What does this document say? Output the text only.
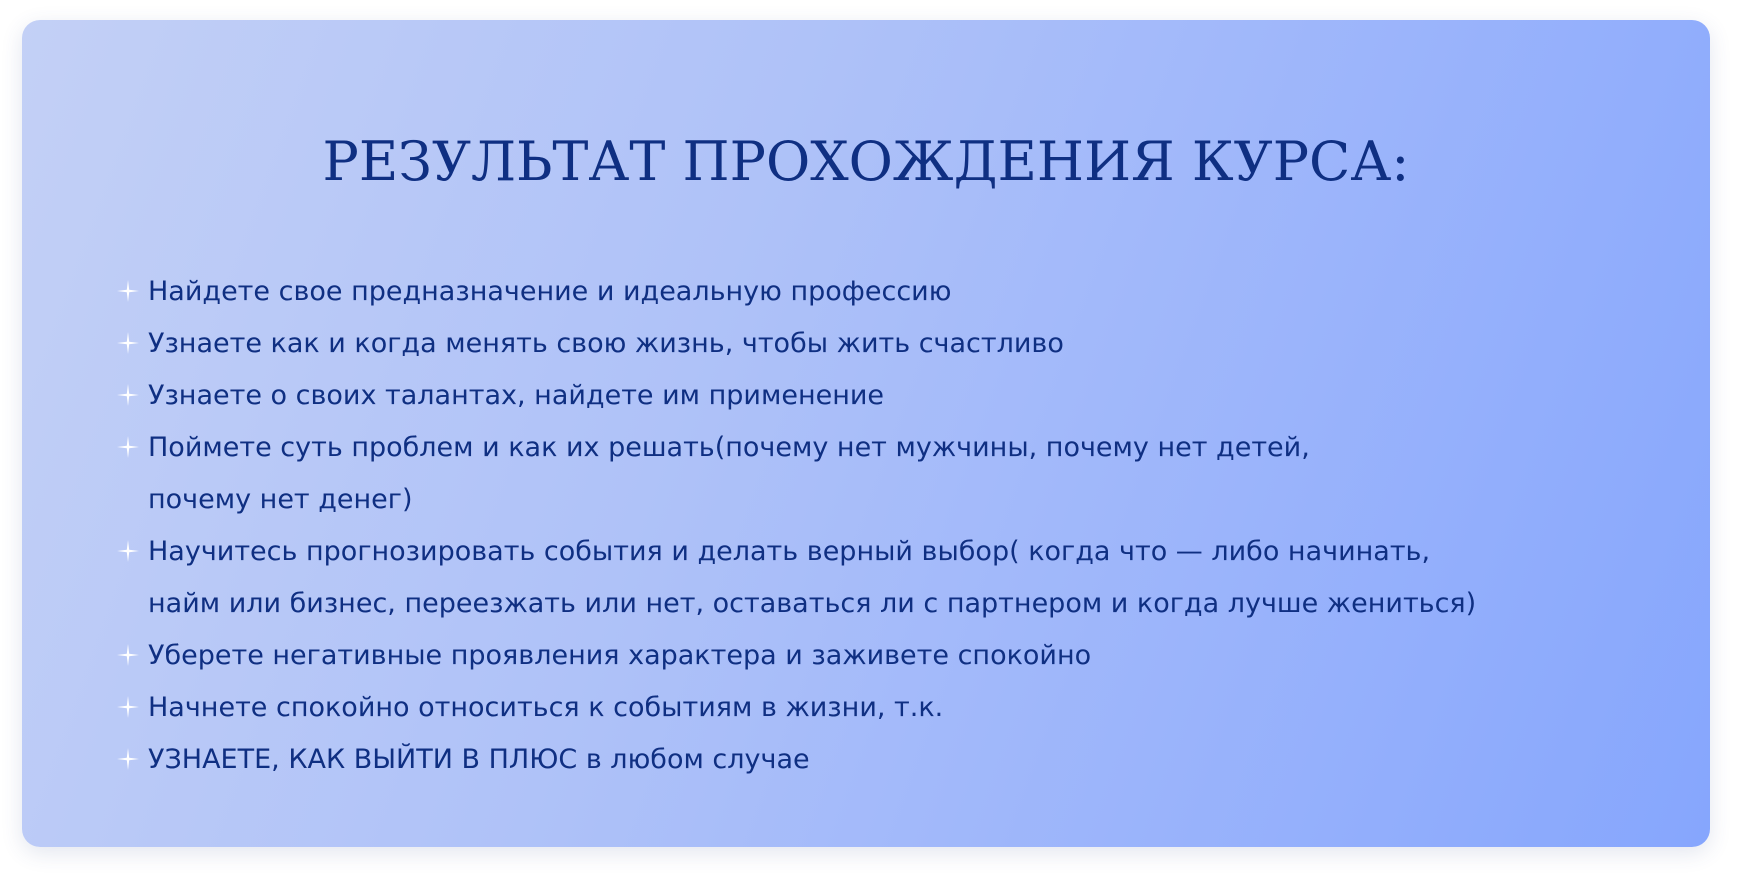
РЕЗУЛЬТАТ ПРОХОЖДЕНИЯ КУРСА:
Найдете свое предназначение и идеальную профессию
Узнаете как и когда менять свою жизнь, чтобы жить счастливо
Узнаете о своих талантах, найдете им применение
Поймете суть проблем и как их решать(почему нет мужчины, почему нет детей,
почему нет денег)
Научитесь прогнозировать события и делать верный выбор( когда что — либо начинать,
найм или бизнес, переезжать или нет, оставаться ли с партнером и когда лучше жениться)
Уберете негативные проявления характера и заживете спокойно
Начнете спокойно относиться к событиям в жизни, т.к.
УЗНАЕТЕ, КАК ВЫЙТИ В ПЛЮС в любом случае
